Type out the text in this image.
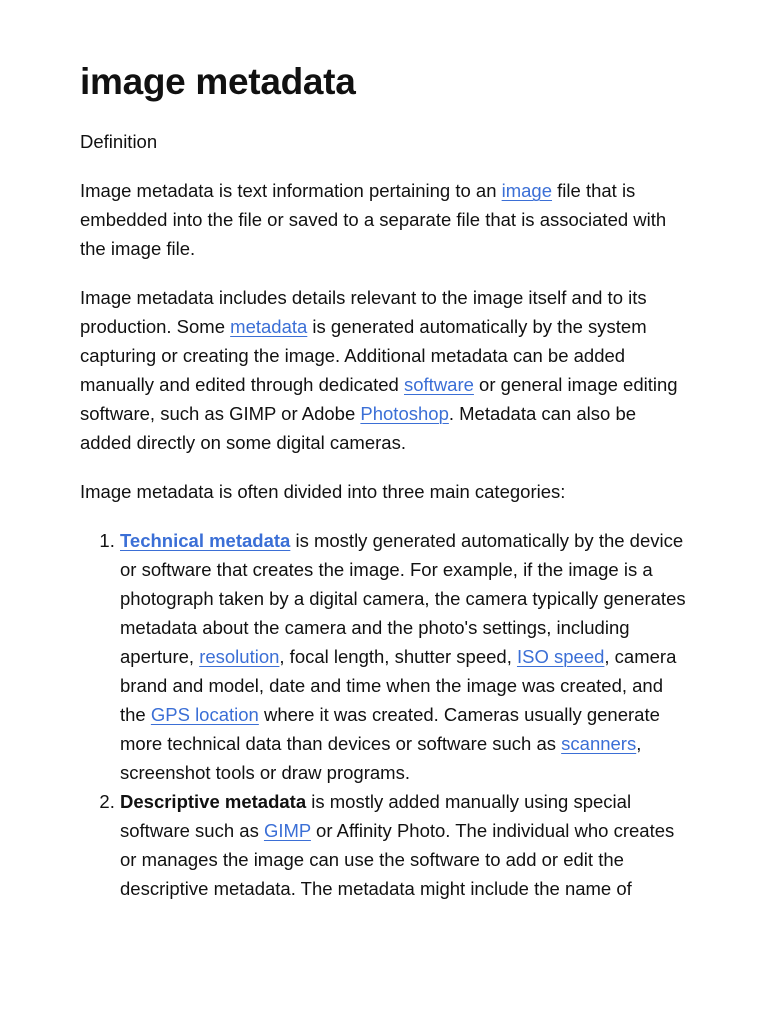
image metadata
Definition

Image metadata is text information pertaining to an image file that is embedded into the file or saved to a separate file that is associated with the image file.

Image metadata includes details relevant to the image itself and to its production. Some metadata is generated automatically by the system capturing or creating the image. Additional metadata can be added manually and edited through dedicated software or general image editing software, such as GIMP or Adobe Photoshop. Metadata can also be added directly on some digital cameras.

Image metadata is often divided into three main categories:

1. Technical metadata is mostly generated automatically by the device or software that creates the image. For example, if the image is a photograph taken by a digital camera, the camera typically generates metadata about the camera and the photo's settings, including aperture, resolution, focal length, shutter speed, ISO speed, camera brand and model, date and time when the image was created, and the GPS location where it was created. Cameras usually generate more technical data than devices or software such as scanners, screenshot tools or draw programs.
2. Descriptive metadata is mostly added manually using special software such as GIMP or Affinity Photo. The individual who creates or manages the image can use the software to add or edit the descriptive metadata. The metadata might include the name of
